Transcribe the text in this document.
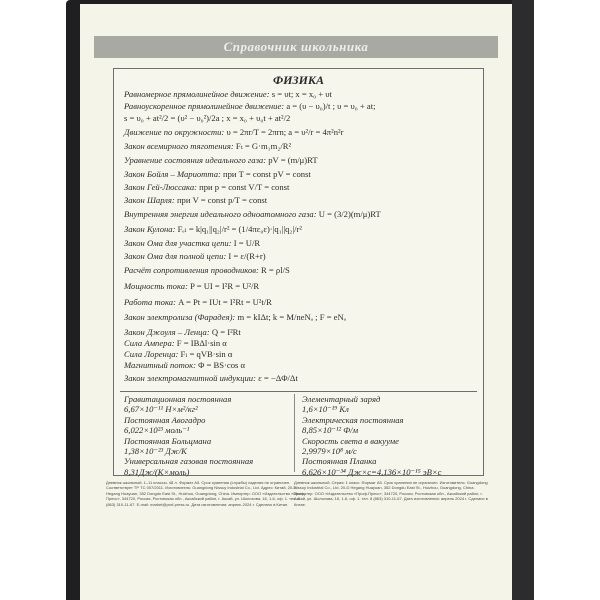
Справочник школьника
ФИЗИКА
Равномерное прямолинейное движение: s = υt; x = x₀ + υt
Равноускоренное прямолинейное движение: a = (υ − υ₀)/t ; υ = υ₀ + at;
s = υ₀ + at²/2 = (υ² − υ₀²)/2a ; x = x₀ + υ₀t + at²/2
Движение по окружности: υ = 2πr/T = 2πrn; a = υ²/r = 4π²n²r
Закон всемирного тяготения: Fₜ = G·m₁m₂/R²
Уравнение состояния идеального газа: pV = (m/μ)RT
Закон Бойля – Мариотта: при T = const pV = const
Закон Гей-Люссака: при p = const V/T = const
Закон Шарля: при V = const p/T = const
Внутренняя энергия идеального одноатомного газа: U = (3/2)(m/μ)RT
Закон Кулона: Fₑₗ = k|q₁||q₂|/r² = (1/4πε₀ε)·|q₁||q₂|/r²
Закон Ома для участка цепи: I = U/R
Закон Ома для полной цепи: I = ε/(R+r)
Расчёт сопротивления проводников: R = ρl/S
Мощность тока: P = UI = I²R = U²/R
Работа тока: A = Pt = IUt = I²Rt = U²t/R
Закон электролиза (Фарадея): m = kIΔt; k = M/neNₐ ; F = eNₐ
Закон Джоуля – Ленца: Q = I²Rt
Сила Ампера: F = IBΔl·sin α
Сила Лоренца: Fₗ = qVB·sin α
Магнитный поток: Φ = BS·cos α
Закон электромагнитной индукции: ε = −ΔΦ/Δt
Гравитационная постоянная
6,67×10⁻¹¹ Н×м²/кг²
Постоянная Авогадро
6,022×10²³ моль⁻¹
Постоянная Больцмана
1,38×10⁻²³ Дж/К
Универсальная газовая постоянная
8,31Дж/(К×моль)
Элементарный заряд
1,6×10⁻¹⁹ Кл
Электрическая постоянная
8,85×10⁻¹² Ф/м
Скорость света в вакууме
2,9979×10⁸ м/с
Постоянная Планка
6,626×10⁻³⁴ Дж×с=4,136×10⁻¹⁵ эВ×с
Дневник школьный. 1–11 классы. 48 л. Формат А5. Срок хранения (службы) изделия не ограничен. Соответствует ТР ТС 007/2011. Изготовитель: Guangdong Nissuy Industrial Co., Ltd. Адрес: Китай, 20-D Hegang Huayuan, 352 Dongdu East St., Huizhou, Guangdong, China. Импортер: ООО «Издательство «Проф-Пресс», 344720, Россия, Ростовская обл., Аксайский район, г. Аксай, ул. Шолохова, 16, 1-6, оф. 1. тел. 8 (863) 310-11-67. E-mail: market@prof-press.ru. Дата изготовления: апрель 2024 г. Сделано в Китае.
Дневник школьный. Серия: 1 класс. Формат А5. Срок хранения не ограничен. Изготовитель: Guangdong Nissuy Industrial Co., Ltd. 20-D Hegang Huayuan, 352 Dongdu East St., Huizhou, Guangdong, China. Импортер: ООО «Издательство «Проф-Пресс», 344720, Россия, Ростовская обл., Аксайский район, г. Аксай, ул. Шолохова, 16, 1-6, оф. 1. тел. 8 (863) 310-11-67. Дата изготовления: апрель 2024 г. Сделано в Китае.
